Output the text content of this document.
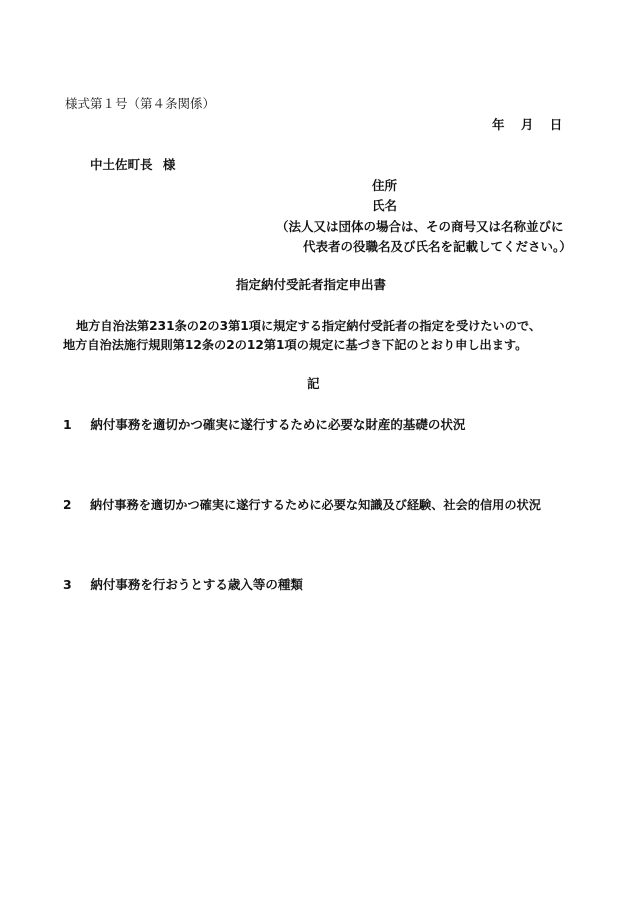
様式第１号（第４条関係）
年 月 日
中土佐町長 様
住所
氏名
（法人又は団体の場合は、その商号又は名称並びに
代表者の役職名及び氏名を記載してください。）
指定納付受託者指定申出書
地方自治法第231条の2の3第1項に規定する指定納付受託者の指定を受けたいので、
地方自治法施行規則第12条の2の12第1項の規定に基づき下記のとおり申し出ます。
記
1 納付事務を適切かつ確実に遂行するために必要な財産的基礎の状況
2 納付事務を適切かつ確実に遂行するために必要な知識及び経験、社会的信用の状況
3 納付事務を行おうとする歳入等の種類
